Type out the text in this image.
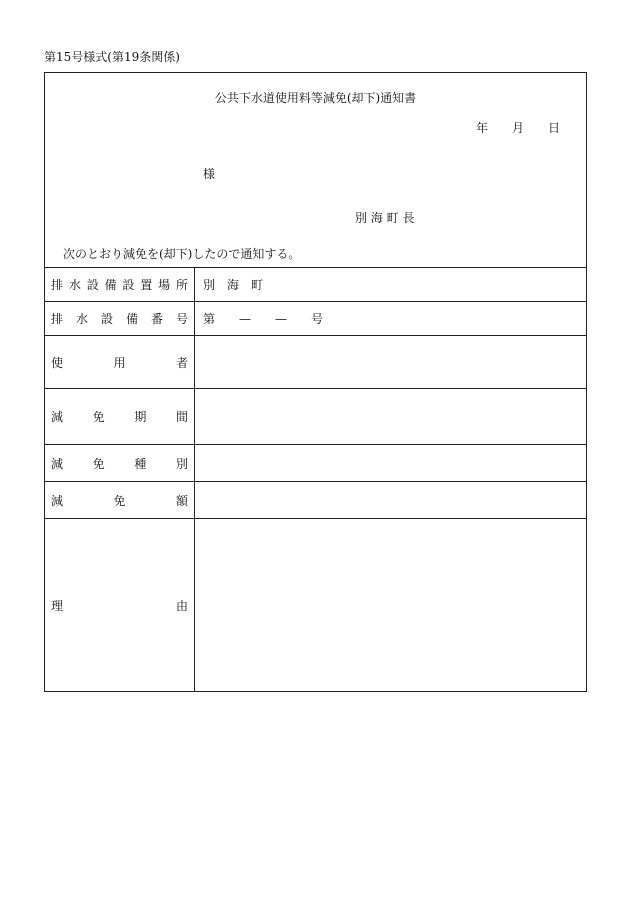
第15号様式(第19条関係)
公共下水道使用料等減免(却下)通知書
年　　月　　日
様
別 海 町 長
次のとおり減免を(却下)したので通知する。
排水設備設置場所	別　海　町
排水設備番号	第　　—　　—　　号
使用者
減免期間
減免種別
減免額
理由
